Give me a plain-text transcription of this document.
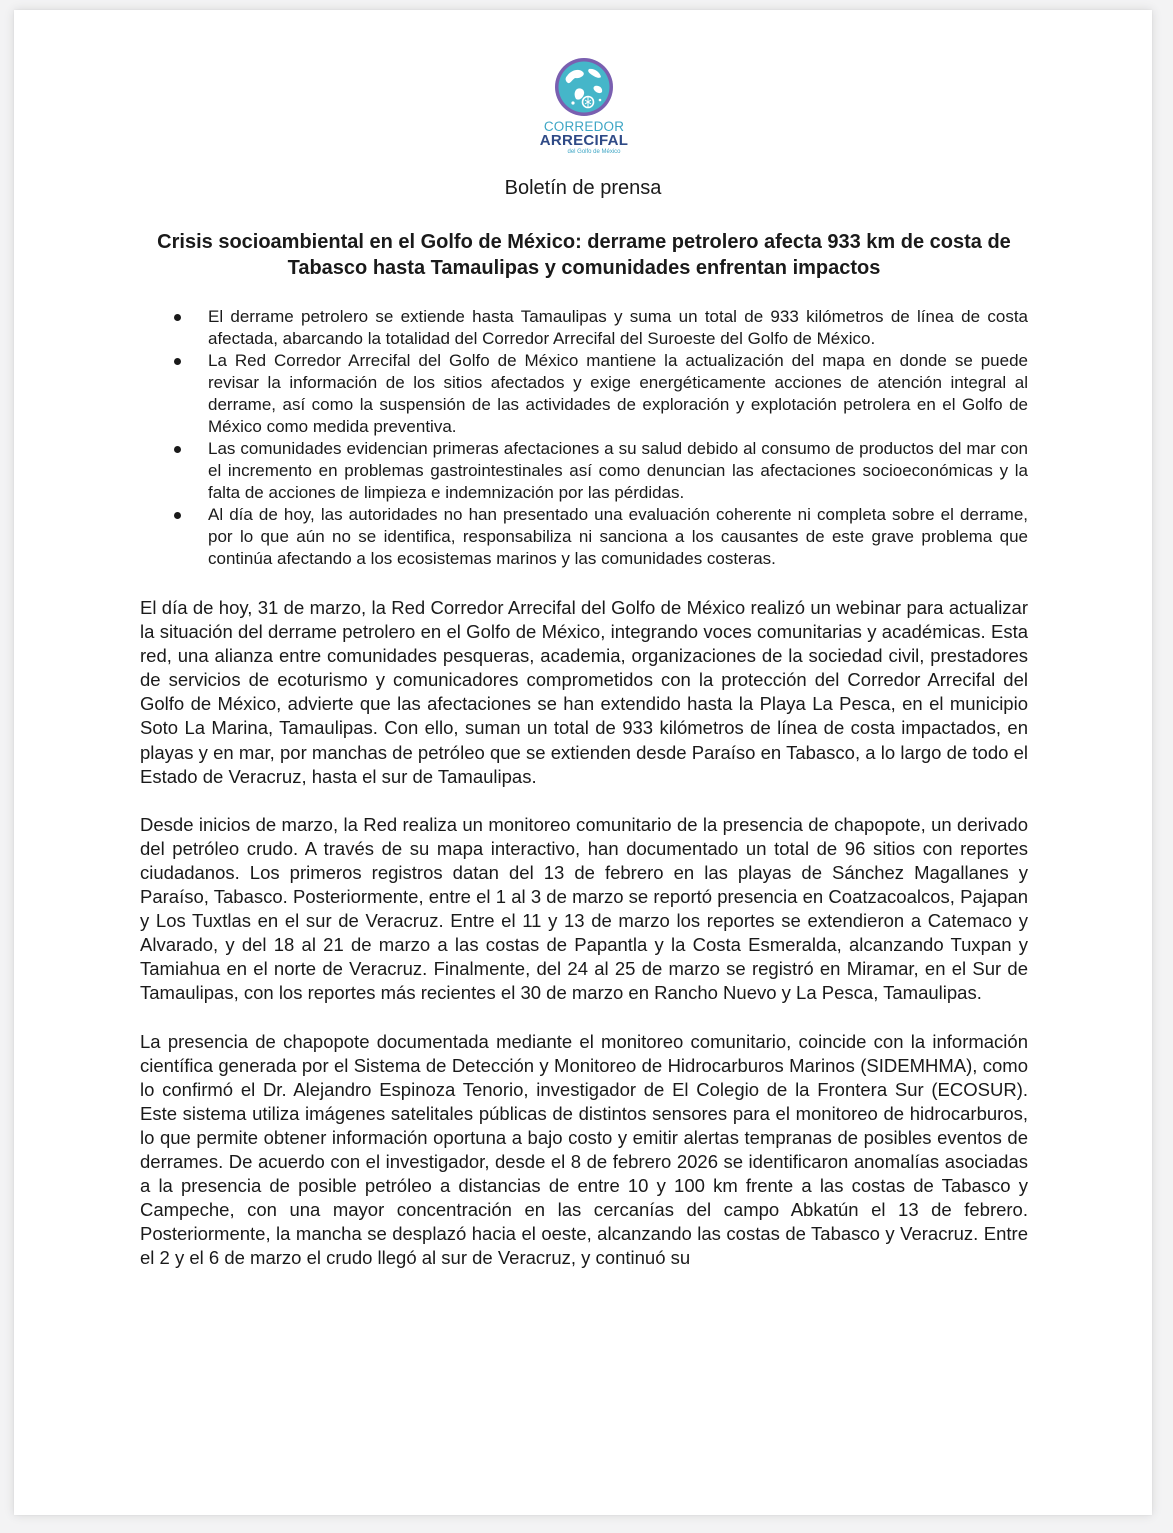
CORREDOR
ARRECIFAL
del Golfo de México
Boletín de prensa
Crisis socioambiental en el Golfo de México: derrame petrolero afecta 933 km de costa de Tabasco hasta Tamaulipas y comunidades enfrentan impactos
El derrame petrolero se extiende hasta Tamaulipas y suma un total de 933 kilómetros de línea de costa afectada, abarcando la totalidad del Corredor Arrecifal del Suroeste del Golfo de México.
La Red Corredor Arrecifal del Golfo de México mantiene la actualización del mapa en donde se puede revisar la información de los sitios afectados y exige energéticamente acciones de atención integral al derrame, así como la suspensión de las actividades de exploración y explotación petrolera en el Golfo de México como medida preventiva.
Las comunidades evidencian primeras afectaciones a su salud debido al consumo de productos del mar con el incremento en problemas gastrointestinales así como denuncian las afectaciones socioeconómicas y la falta de acciones de limpieza e indemnización por las pérdidas.
Al día de hoy, las autoridades no han presentado una evaluación coherente ni completa sobre el derrame, por lo que aún no se identifica, responsabiliza ni sanciona a los causantes de este grave problema que continúa afectando a los ecosistemas marinos y las comunidades costeras.

El día de hoy, 31 de marzo, la Red Corredor Arrecifal del Golfo de México realizó un webinar para actualizar la situación del derrame petrolero en el Golfo de México, integrando voces comunitarias y académicas. Esta red, una alianza entre comunidades pesqueras, academia, organizaciones de la sociedad civil, prestadores de servicios de ecoturismo y comunicadores comprometidos con la protección del Corredor Arrecifal del Golfo de México, advierte que las afectaciones se han extendido hasta la Playa La Pesca, en el municipio Soto La Marina, Tamaulipas. Con ello, suman un total de 933 kilómetros de línea de costa impactados, en playas y en mar, por manchas de petróleo que se extienden desde Paraíso en Tabasco, a lo largo de todo el Estado de Veracruz, hasta el sur de Tamaulipas.

Desde inicios de marzo, la Red realiza un monitoreo comunitario de la presencia de chapopote, un derivado del petróleo crudo. A través de su mapa interactivo, han documentado un total de 96 sitios con reportes ciudadanos. Los primeros registros datan del 13 de febrero en las playas de Sánchez Magallanes y Paraíso, Tabasco. Posteriormente, entre el 1 al 3 de marzo se reportó presencia en Coatzacoalcos, Pajapan y Los Tuxtlas en el sur de Veracruz. Entre el 11 y 13 de marzo los reportes se extendieron a Catemaco y Alvarado, y del 18 al 21 de marzo a las costas de Papantla y la Costa Esmeralda, alcanzando Tuxpan y Tamiahua en el norte de Veracruz. Finalmente, del 24 al 25 de marzo se registró en Miramar, en el Sur de Tamaulipas, con los reportes más recientes el 30 de marzo en Rancho Nuevo y La Pesca, Tamaulipas.

La presencia de chapopote documentada mediante el monitoreo comunitario, coincide con la información científica generada por el Sistema de Detección y Monitoreo de Hidrocarburos Marinos (SIDEMHMA), como lo confirmó el Dr. Alejandro Espinoza Tenorio, investigador de El Colegio de la Frontera Sur (ECOSUR). Este sistema utiliza imágenes satelitales públicas de distintos sensores para el monitoreo de hidrocarburos, lo que permite obtener información oportuna a bajo costo y emitir alertas tempranas de posibles eventos de derrames. De acuerdo con el investigador, desde el 8 de febrero 2026 se identificaron anomalías asociadas a la presencia de posible petróleo a distancias de entre 10 y 100 km frente a las costas de Tabasco y Campeche, con una mayor concentración en las cercanías del campo Abkatún el 13 de febrero. Posteriormente, la mancha se desplazó hacia el oeste, alcanzando las costas de Tabasco y Veracruz. Entre el 2 y el 6 de marzo el crudo llegó al sur de Veracruz, y continuó su
